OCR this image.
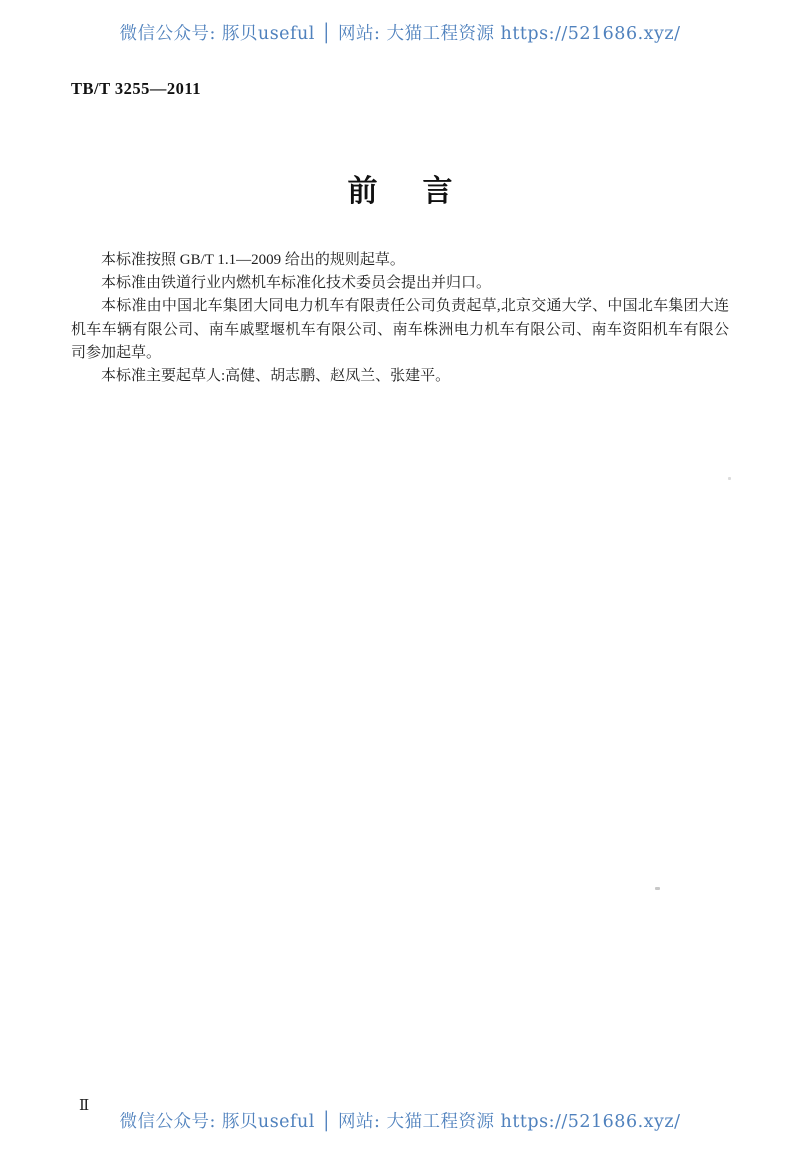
微信公众号: 豚贝useful │ 网站: 大猫工程资源 https://521686.xyz/
TB/T 3255—2011
前言

本标准按照 GB/T 1.1—2009 给出的规则起草。

本标准由铁道行业内燃机车标准化技术委员会提出并归口。

本标准由中国北车集团大同电力机车有限责任公司负责起草,北京交通大学、中国北车集团大连机车车辆有限公司、南车戚墅堰机车有限公司、南车株洲电力机车有限公司、南车资阳机车有限公司参加起草。

本标准主要起草人:高健、胡志鹏、赵凤兰、张建平。

Ⅱ
微信公众号: 豚贝useful │ 网站: 大猫工程资源 https://521686.xyz/
